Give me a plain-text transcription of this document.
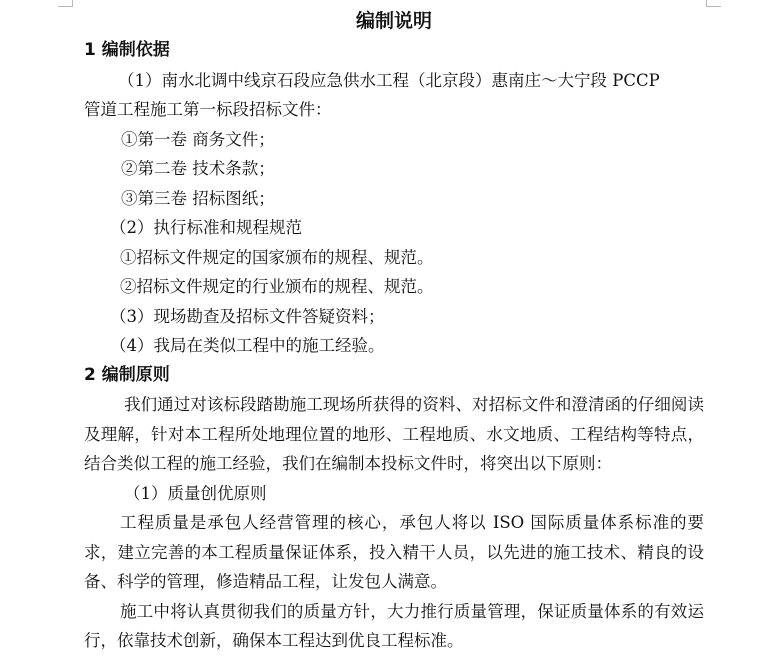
编制说明
1 编制依据

（1）南水北调中线京石段应急供水工程（北京段）惠南庄～大宁段 PCCP

管道工程施工第一标段招标文件：

①第一卷 商务文件；

②第二卷 技术条款；

③第三卷 招标图纸；

（2）执行标准和规程规范

①招标文件规定的国家颁布的规程、规范。

②招标文件规定的行业颁布的规程、规范。

（3）现场勘查及招标文件答疑资料；

（4）我局在类似工程中的施工经验。

2 编制原则

我们通过对该标段踏勘施工现场所获得的资料、对招标文件和澄清函的仔细阅读及理解，针对本工程所处地理位置的地形、工程地质、水文地质、工程结构等特点，结合类似工程的施工经验，我们在编制本投标文件时，将突出以下原则：

（1）质量创优原则

工程质量是承包人经营管理的核心，承包人将以 ISO 国际质量体系标准的要求，建立完善的本工程质量保证体系，投入精干人员，以先进的施工技术、精良的设备、科学的管理，修造精品工程，让发包人满意。

施工中将认真贯彻我们的质量方针，大力推行质量管理，保证质量体系的有效运行，依靠技术创新，确保本工程达到优良工程标准。
